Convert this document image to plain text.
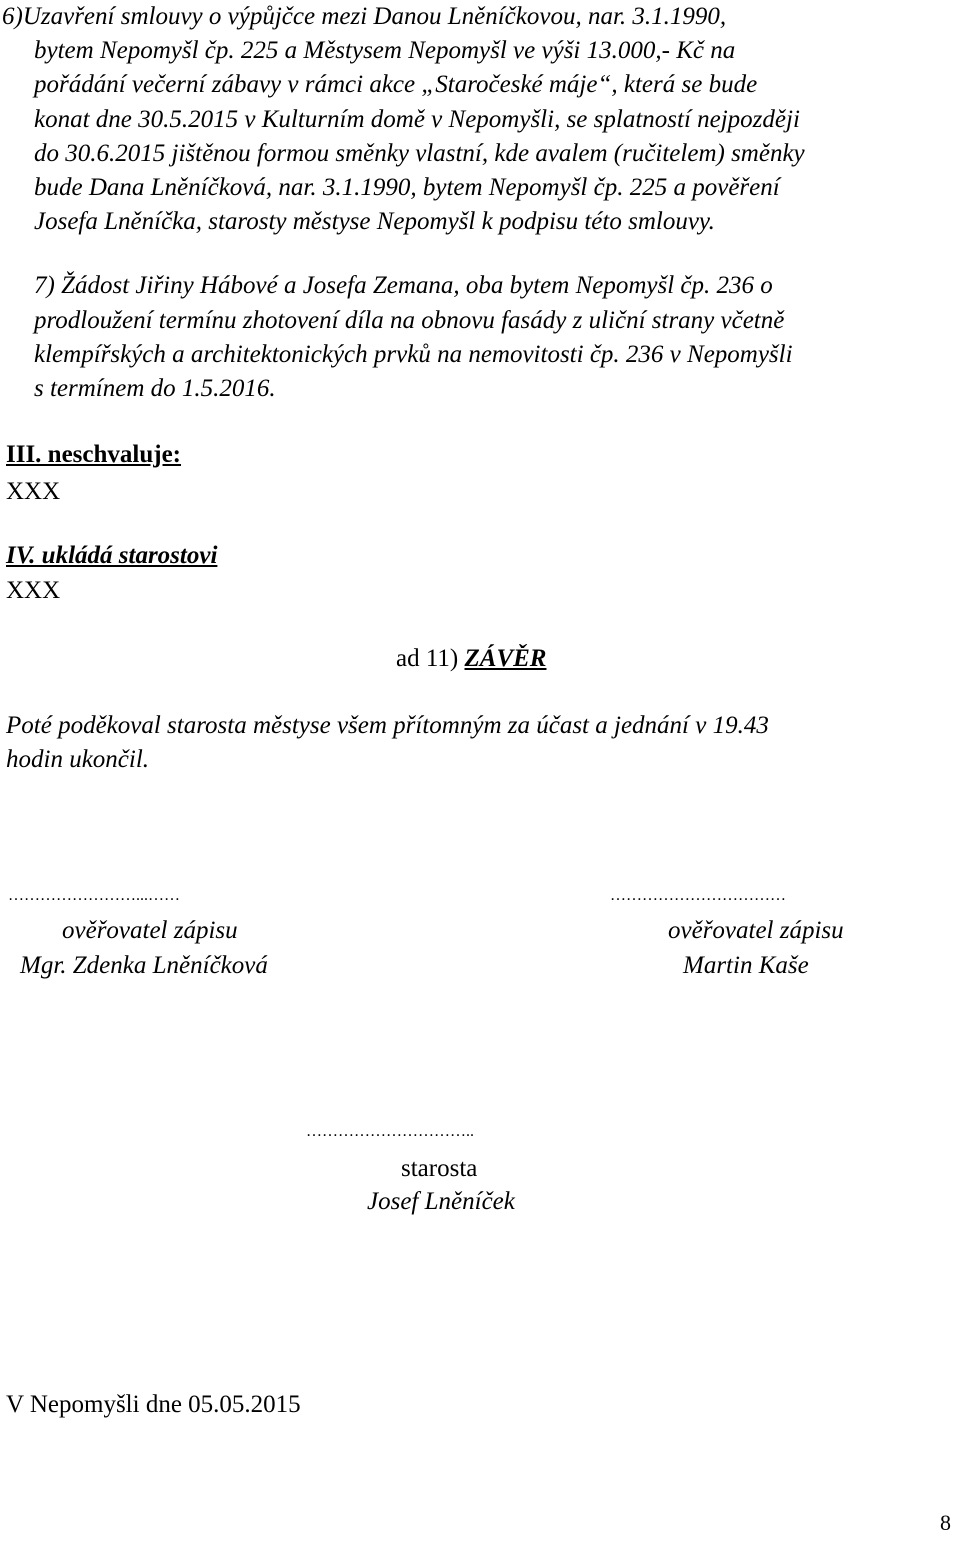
6)Uzavření smlouvy o výpůjčce mezi Danou Lněníčkovou, nar. 3.1.1990,
bytem Nepomyšl čp. 225 a Městysem Nepomyšl ve výši 13.000,- Kč na
pořádání večerní zábavy v rámci akce „Staročeské máje“, která se bude
konat dne 30.5.2015 v Kulturním domě v Nepomyšli, se splatností nejpozději
do 30.6.2015 jištěnou formou směnky vlastní, kde avalem (ručitelem) směnky
bude Dana Lněníčková, nar. 3.1.1990, bytem Nepomyšl čp. 225 a pověření
Josefa Lněníčka, starosty městyse Nepomyšl k podpisu této smlouvy.
7) Žádost Jiřiny Hábové a Josefa Zemana, oba bytem Nepomyšl čp. 236 o
prodloužení termínu zhotovení díla na obnovu fasády z uliční strany včetně
klempířských a architektonických prvků na nemovitosti čp. 236 v Nepomyšli
s termínem do 1.5.2016.
III. neschvaluje:
XXX
IV. ukládá starostovi
XXX
ad 11) ZÁVĚR
Poté poděkoval starosta městyse všem přítomným za účast a jednání v 19.43
hodin ukončil.
……………………...……
ověřovatel zápisu
Mgr. Zdenka Lněníčková
……………………………
ověřovatel zápisu
Martin Kaše
…………………………..
starosta
Josef Lněníček
V Nepomyšli dne 05.05.2015
8
